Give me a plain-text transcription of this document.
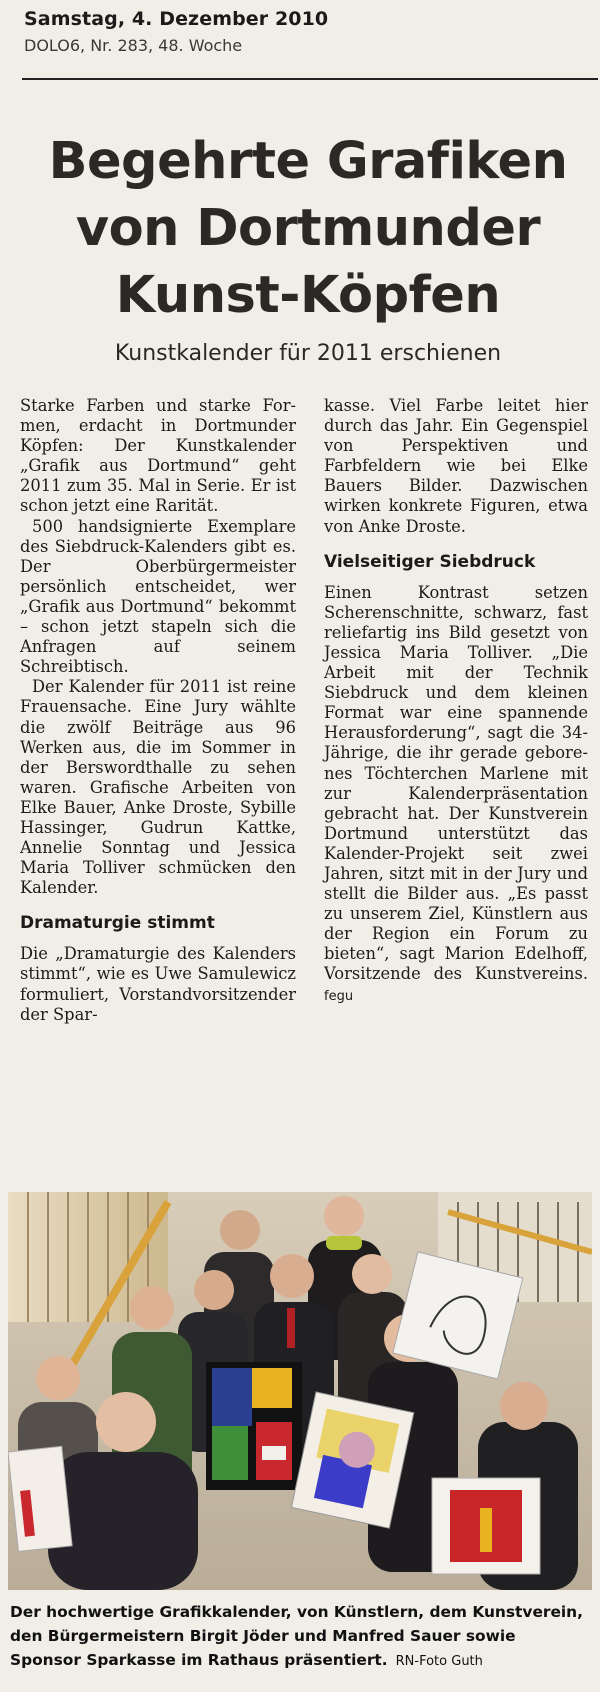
Samstag, 4. Dezember 2010
DOLO6, Nr. 283, 48. Woche
Begehrte Grafiken
von Dortmunder
Kunst-Köpfen
Kunstkalender für 2011 erschienen

Starke Farben und starke Formen, erdacht in Dortmunder Köpfen: Der Kunstkalender „Grafik aus Dortmund“ geht 2011 zum 35. Mal in Serie. Er ist schon jetzt eine Rarität.

500 handsignierte Exemplare des Siebdruck-Kalenders gibt es. Der Oberbürgermeister persönlich entscheidet, wer „Grafik aus Dortmund“ bekommt – schon jetzt stapeln sich die Anfragen auf seinem Schreibtisch.

Der Kalender für 2011 ist reine Frauensache. Eine Jury wählte die zwölf Beiträge aus 96 Werken aus, die im Sommer in der Berswordthalle zu sehen waren. Grafische Arbeiten von Elke Bauer, Anke Droste, Sybille Hassinger, Gudrun Kattke, Annelie Sonntag und Jessica Maria Tolliver schmücken den Kalender.

Dramaturgie stimmt

Die „Dramaturgie des Kalenders stimmt“, wie es Uwe Samulewicz formuliert, Vorstandvorsitzender der Spar-

kasse. Viel Farbe leitet hier durch das Jahr. Ein Gegenspiel von Perspektiven und Farbfeldern wie bei Elke Bauers Bilder. Dazwischen wirken konkrete Figuren, etwa von Anke Droste.

Vielseitiger Siebdruck

Einen Kontrast setzen Scherenschnitte, schwarz, fast reliefartig ins Bild gesetzt von Jessica Maria Tolliver. „Die Arbeit mit der Technik Siebdruck und dem kleinen Format war eine spannende Herausforderung“, sagt die 34-Jährige, die ihr gerade geborenes Töchterchen Marlene mit zur Kalenderpräsentation gebracht hat. Der Kunstverein Dortmund unterstützt das Kalender-Projekt seit zwei Jahren, sitzt mit in der Jury und stellt die Bilder aus. „Es passt zu unserem Ziel, Künstlern aus der Region ein Forum zu bieten“, sagt Marion Edelhoff, Vorsitzende des Kunstvereins. fegu

Der hochwertige Grafikkalender, von Künstlern, dem Kunstverein, den Bürgermeistern Birgit Jöder und Manfred Sauer sowie Sponsor Sparkasse im Rathaus präsentiert. RN-Foto Guth
